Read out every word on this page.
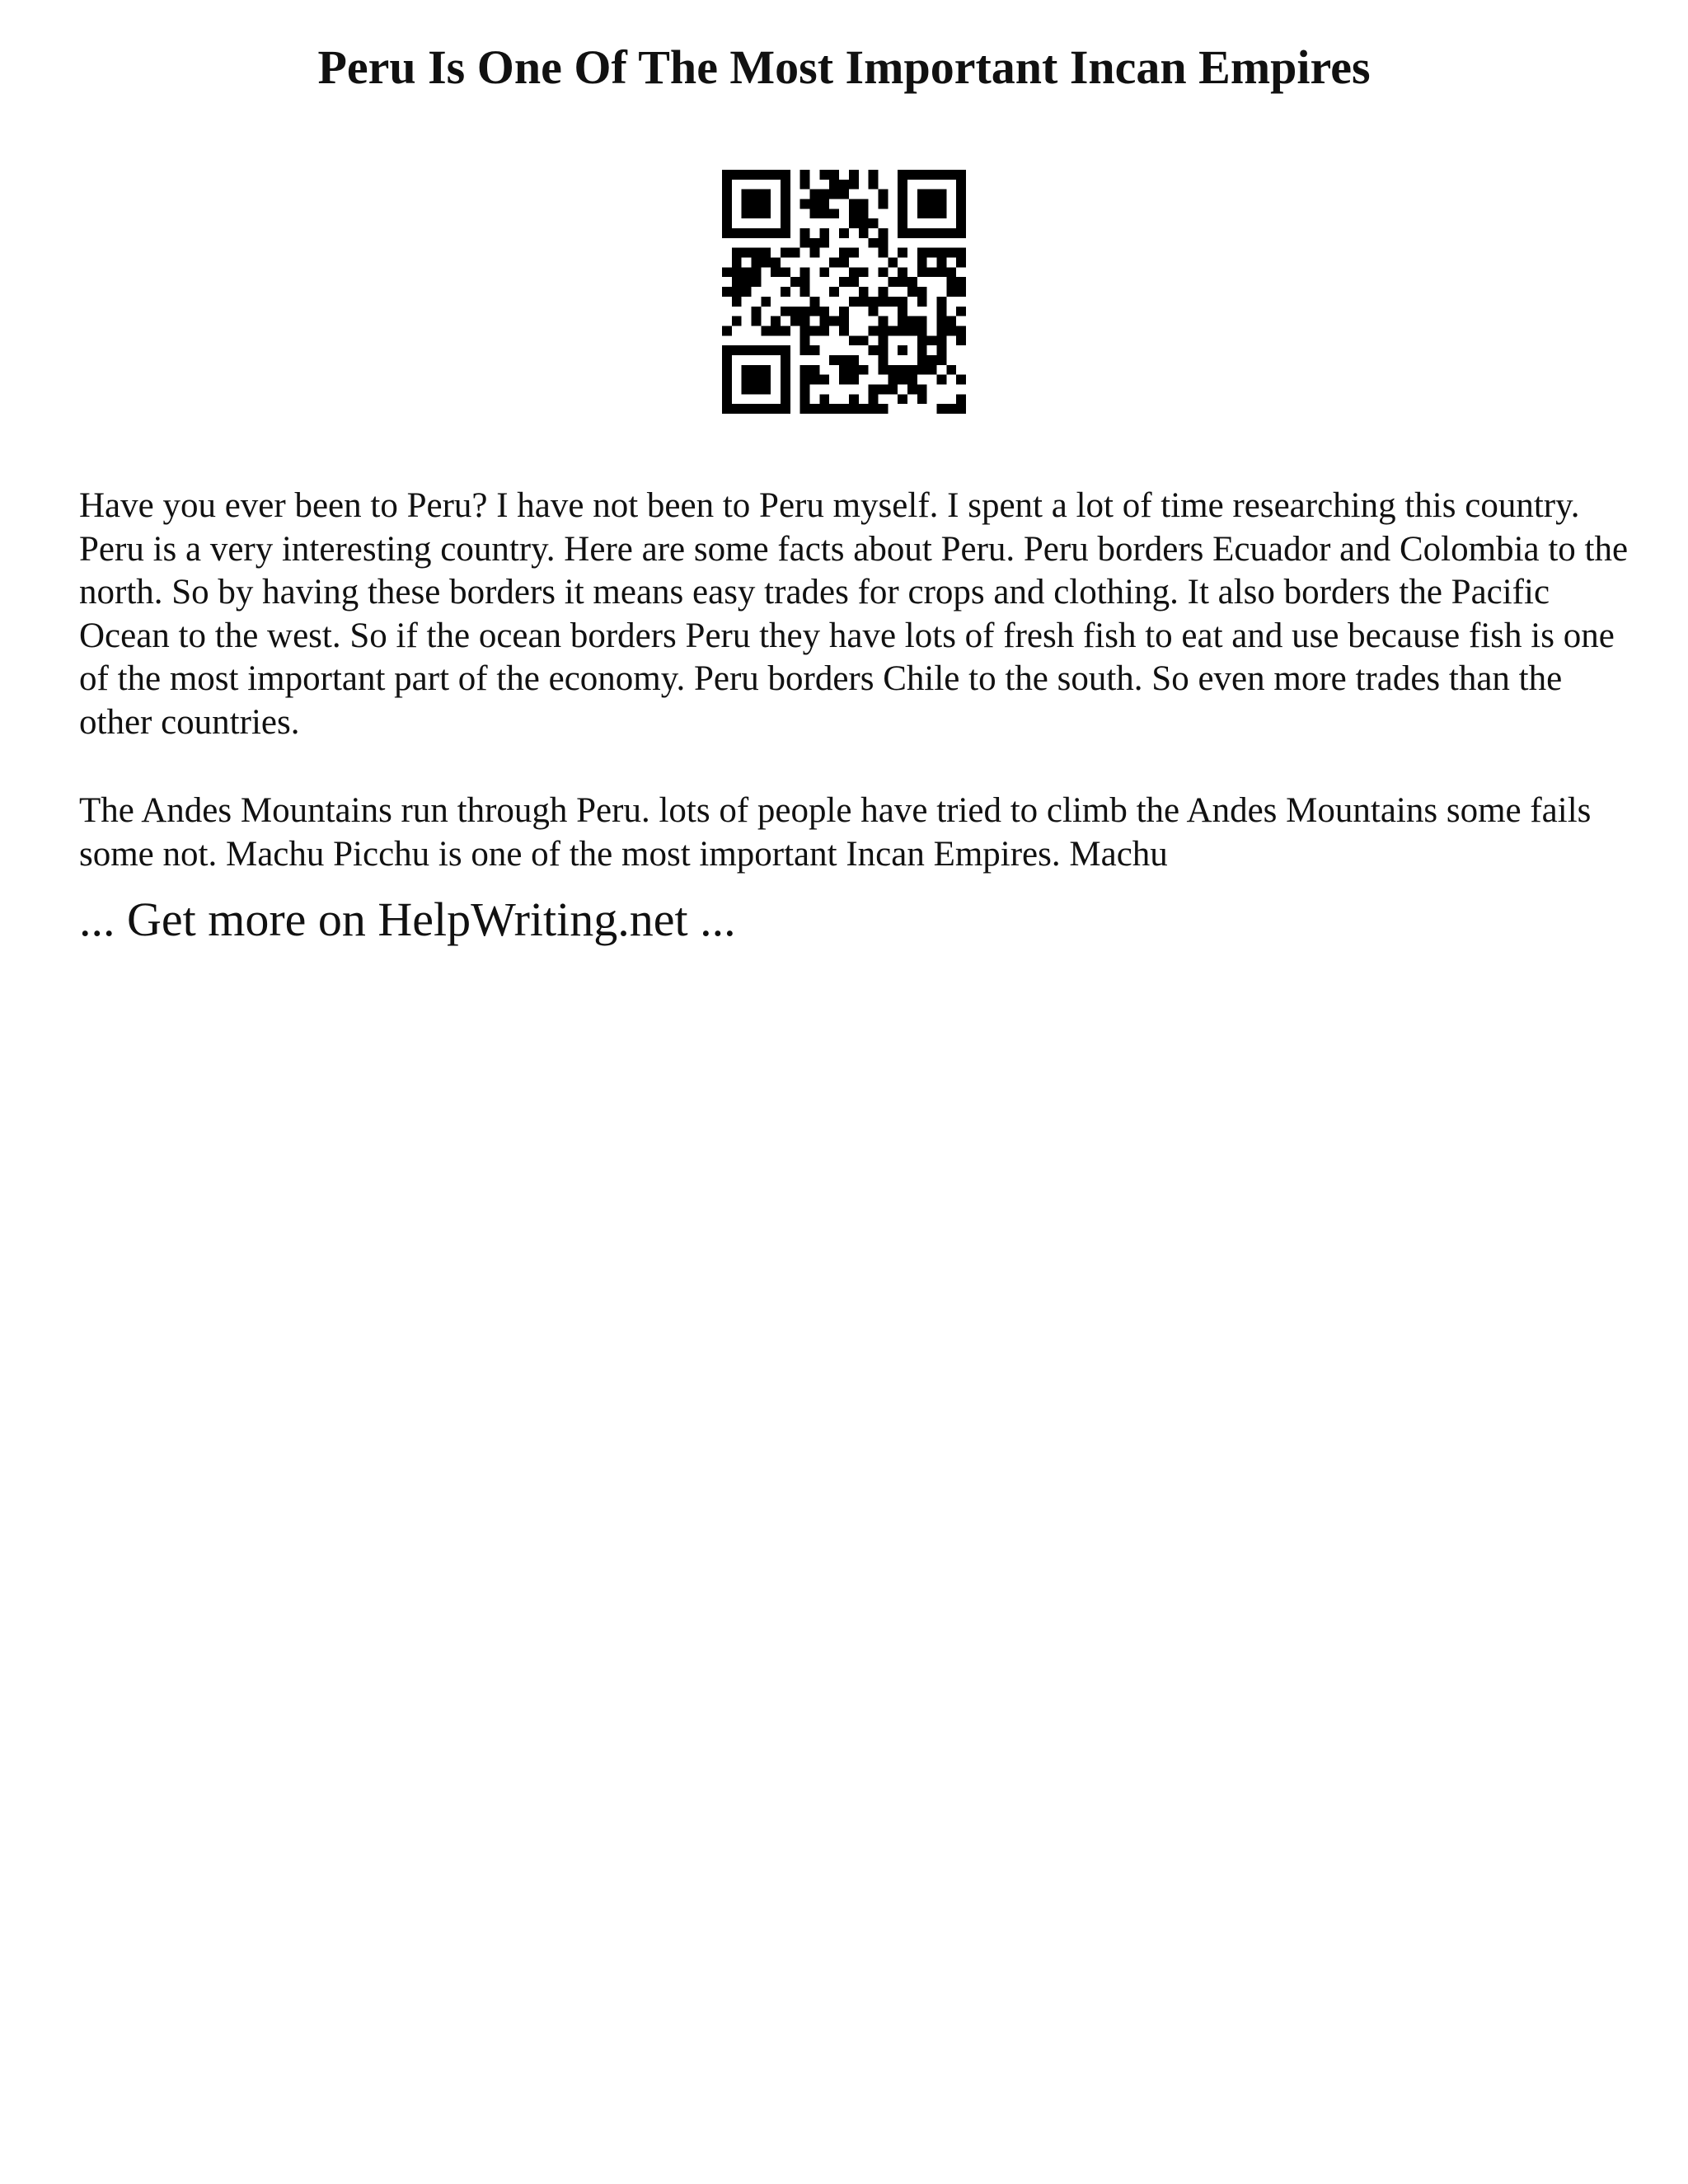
Peru Is One Of The Most Important Incan Empires

Have you ever been to Peru? I have not been to Peru myself. I spent a lot of time researching this country. Peru is a very interesting country. Here are some facts about Peru. Peru borders Ecuador and Colombia to the north. So by having these borders it means easy trades for crops and clothing. It also borders the Pacific Ocean to the west. So if the ocean borders Peru they have lots of fresh fish to eat and use because fish is one of the most important part of the economy. Peru borders Chile to the south. So even more trades than the other countries.

The Andes Mountains run through Peru. lots of people have tried to climb the Andes Mountains some fails some not. Machu Picchu is one of the most important Incan Empires. Machu

... Get more on HelpWriting.net ...
